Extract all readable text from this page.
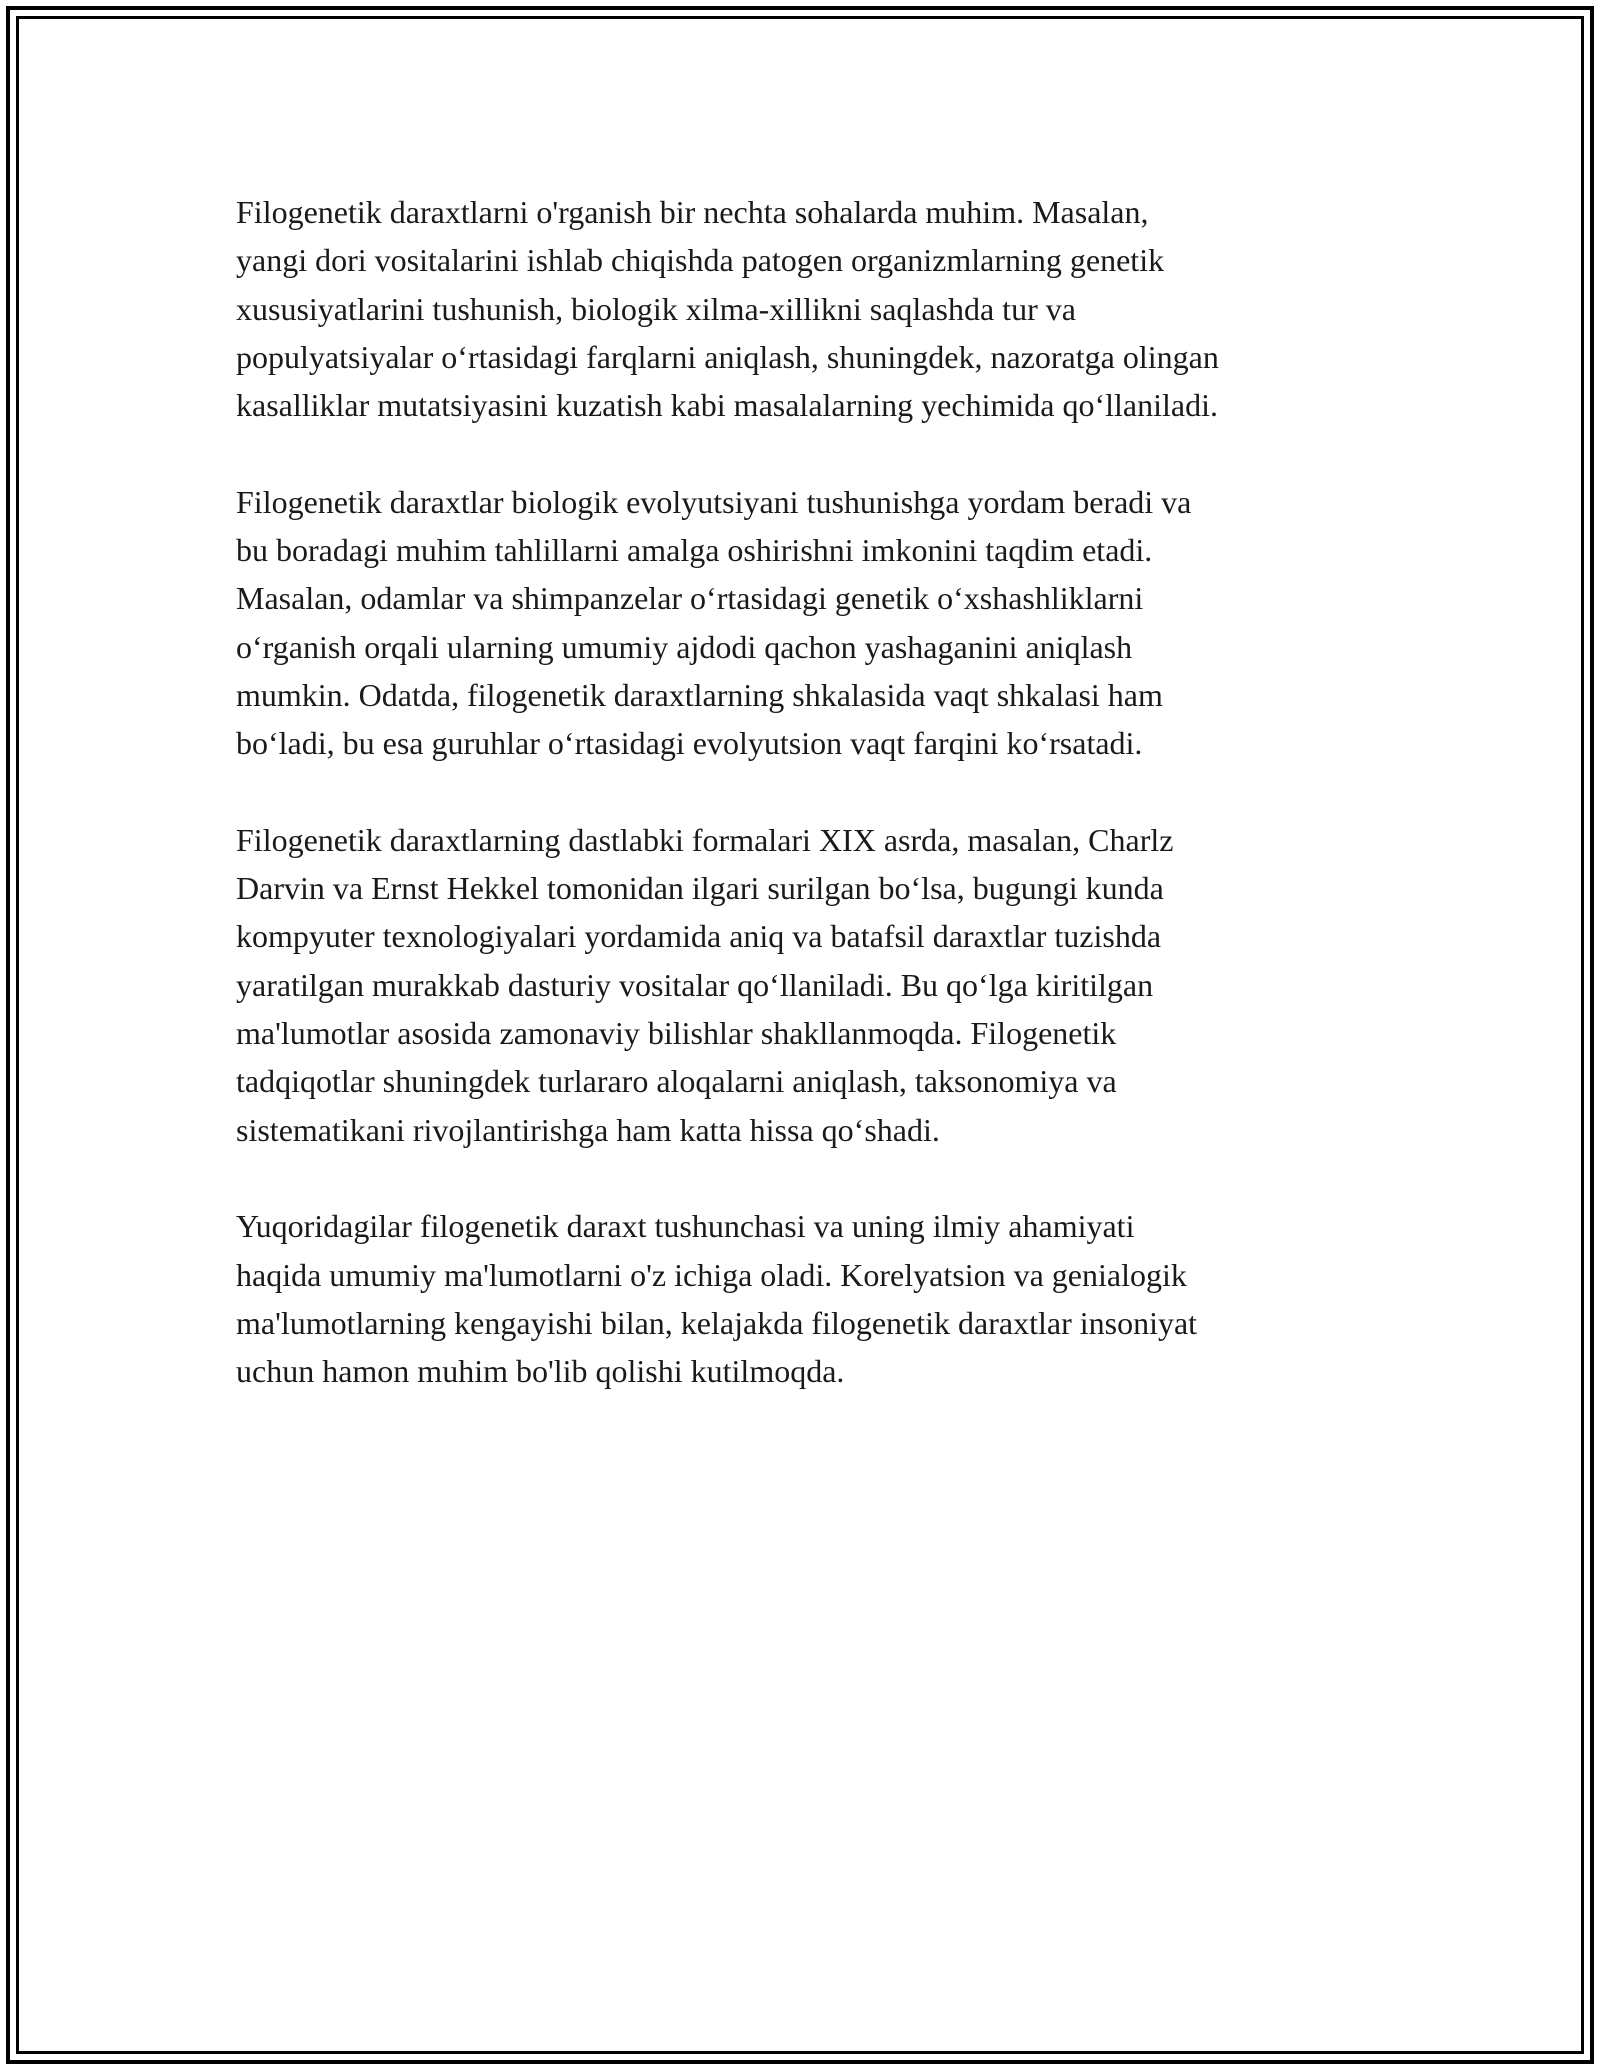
Filogenetik daraxtlarni o'rganish bir nechta sohalarda muhim. Masalan,
yangi dori vositalarini ishlab chiqishda patogen organizmlarning genetik
xususiyatlarini tushunish, biologik xilma-xillikni saqlashda tur va
populyatsiyalar o‘rtasidagi farqlarni aniqlash, shuningdek, nazoratga olingan
kasalliklar mutatsiyasini kuzatish kabi masalalarning yechimida qo‘llaniladi.

Filogenetik daraxtlar biologik evolyutsiyani tushunishga yordam beradi va
bu boradagi muhim tahlillarni amalga oshirishni imkonini taqdim etadi.
Masalan, odamlar va shimpanzelar o‘rtasidagi genetik o‘xshashliklarni
o‘rganish orqali ularning umumiy ajdodi qachon yashaganini aniqlash
mumkin. Odatda, filogenetik daraxtlarning shkalasida vaqt shkalasi ham
bo‘ladi, bu esa guruhlar o‘rtasidagi evolyutsion vaqt farqini ko‘rsatadi.

Filogenetik daraxtlarning dastlabki formalari XIX asrda, masalan, Charlz
Darvin va Ernst Hekkel tomonidan ilgari surilgan bo‘lsa, bugungi kunda
kompyuter texnologiyalari yordamida aniq va batafsil daraxtlar tuzishda
yaratilgan murakkab dasturiy vositalar qo‘llaniladi. Bu qo‘lga kiritilgan
ma'lumotlar asosida zamonaviy bilishlar shakllanmoqda. Filogenetik
tadqiqotlar shuningdek turlararo aloqalarni aniqlash, taksonomiya va
sistematikani rivojlantirishga ham katta hissa qo‘shadi.

Yuqoridagilar filogenetik daraxt tushunchasi va uning ilmiy ahamiyati
haqida umumiy ma'lumotlarni o'z ichiga oladi. Korelyatsion va genialogik
ma'lumotlarning kengayishi bilan, kelajakda filogenetik daraxtlar insoniyat
uchun hamon muhim bo'lib qolishi kutilmoqda.
